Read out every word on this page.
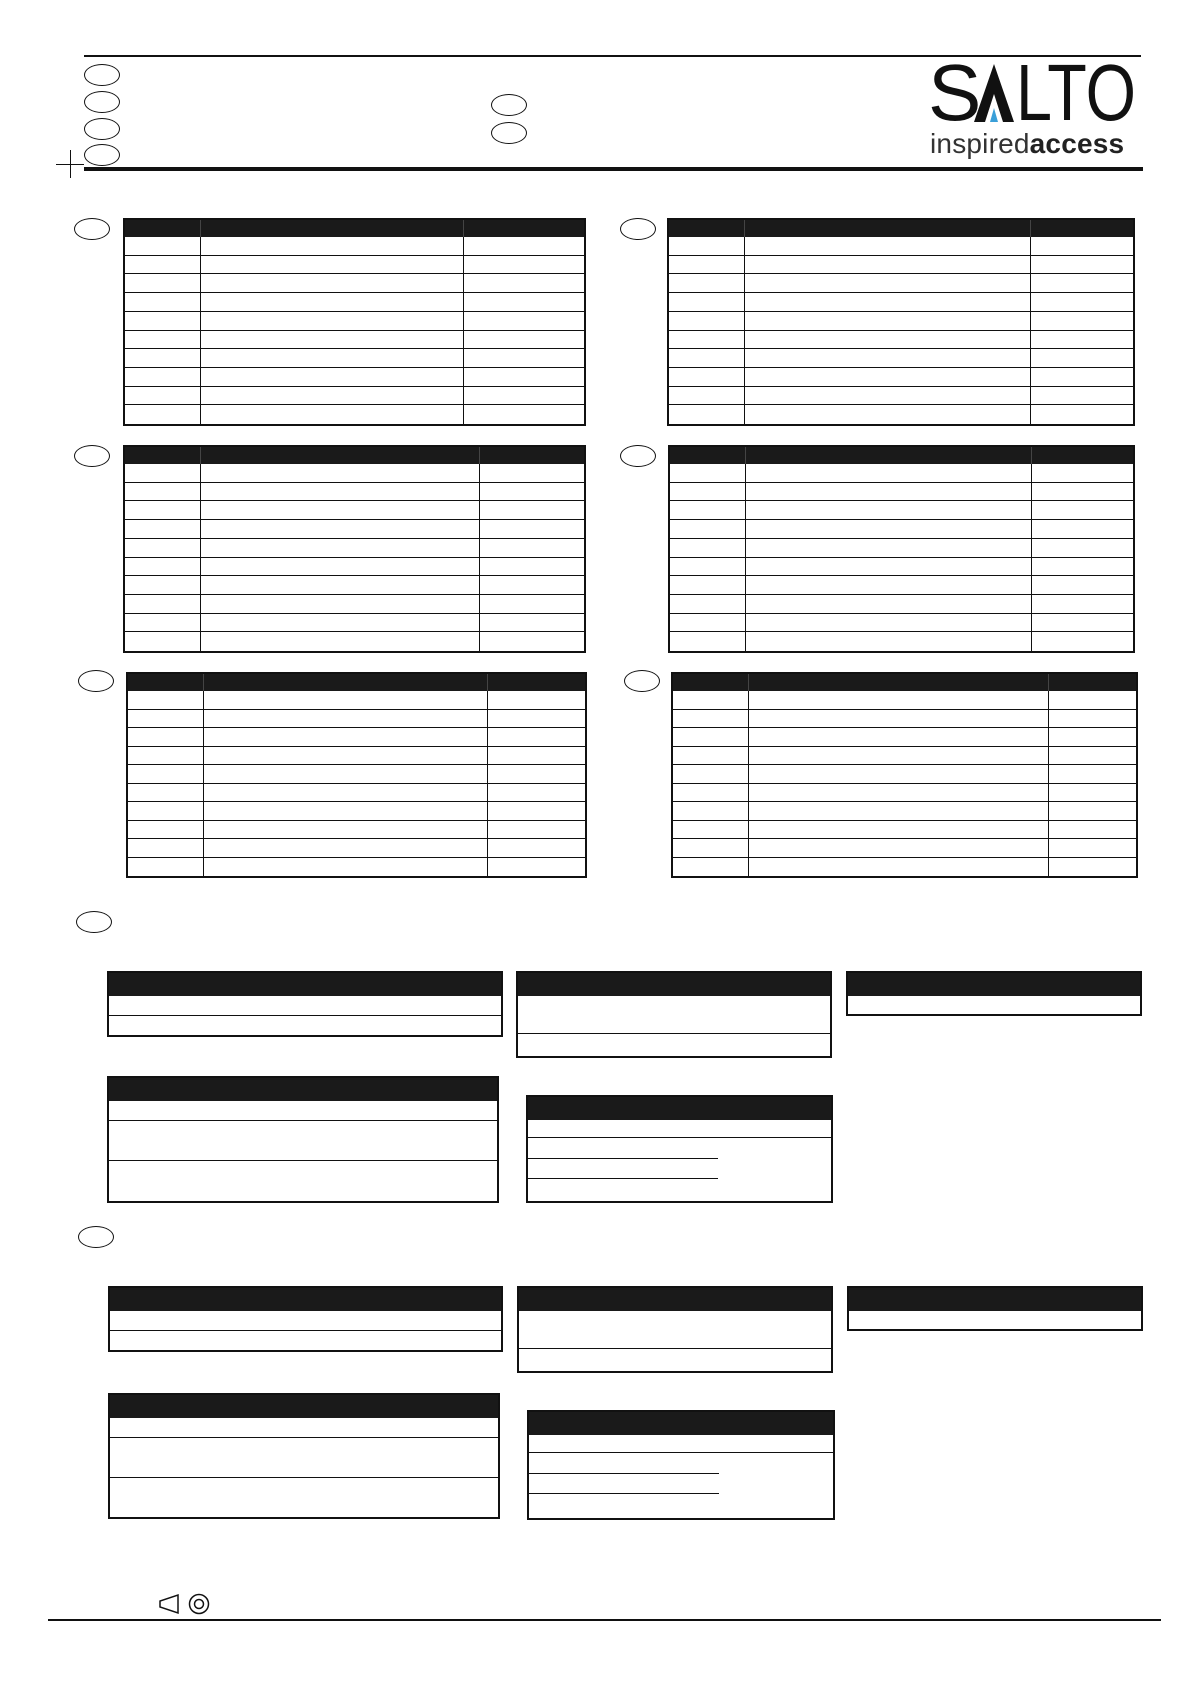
S LTO
inspiredaccess
